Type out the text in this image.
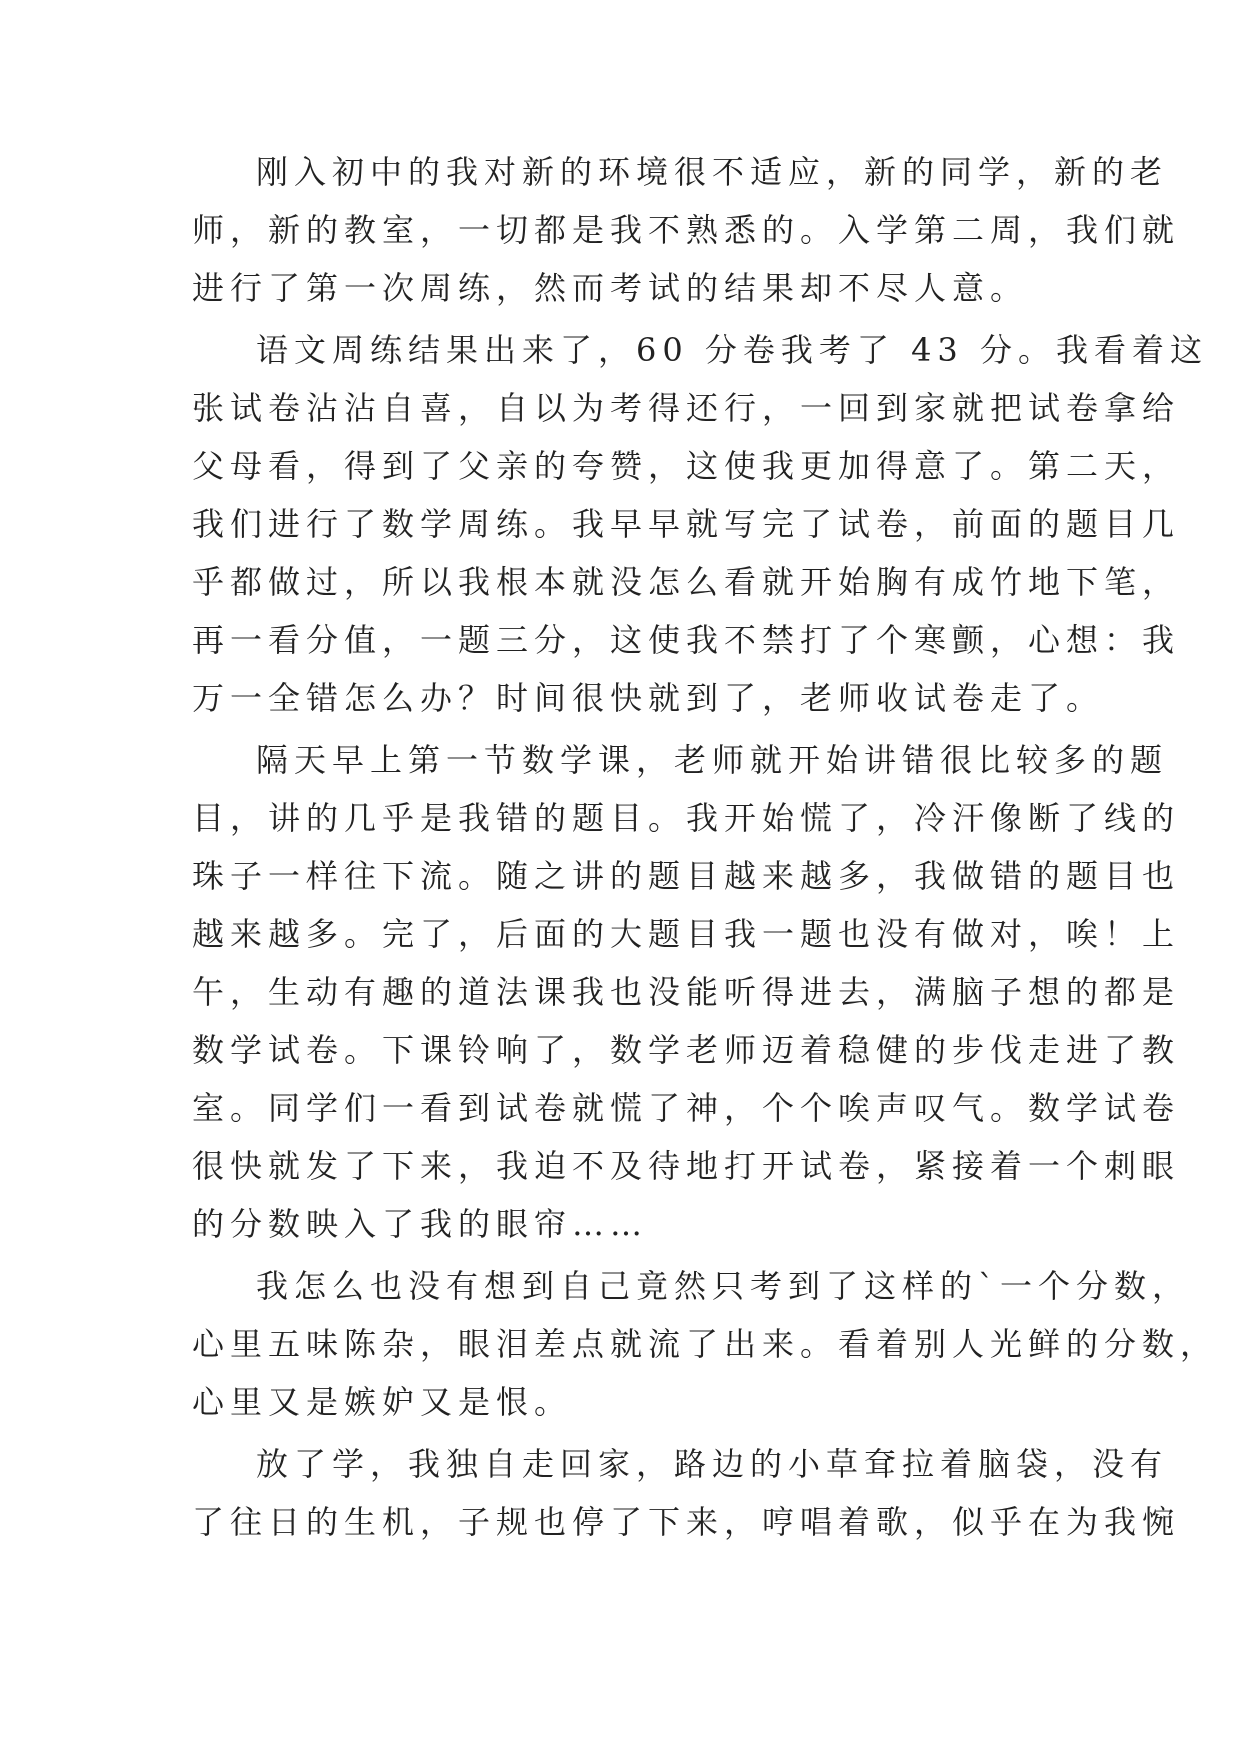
刚入初中的我对新的环境很不适应，新的同学，新的老
师，新的教室，一切都是我不熟悉的。入学第二周，我们就
进行了第一次周练，然而考试的结果却不尽人意。
语文周练结果出来了，60 分卷我考了 43 分。我看着这
张试卷沾沾自喜，自以为考得还行，一回到家就把试卷拿给
父母看，得到了父亲的夸赞，这使我更加得意了。第二天，
我们进行了数学周练。我早早就写完了试卷，前面的题目几
乎都做过，所以我根本就没怎么看就开始胸有成竹地下笔，
再一看分值，一题三分，这使我不禁打了个寒颤，心想：我
万一全错怎么办？时间很快就到了，老师收试卷走了。
隔天早上第一节数学课，老师就开始讲错很比较多的题
目，讲的几乎是我错的题目。我开始慌了，冷汗像断了线的
珠子一样往下流。随之讲的题目越来越多，我做错的题目也
越来越多。完了，后面的大题目我一题也没有做对，唉！上
午，生动有趣的道法课我也没能听得进去，满脑子想的都是
数学试卷。下课铃响了，数学老师迈着稳健的步伐走进了教
室。同学们一看到试卷就慌了神，个个唉声叹气。数学试卷
很快就发了下来，我迫不及待地打开试卷，紧接着一个刺眼
的分数映入了我的眼帘……
我怎么也没有想到自己竟然只考到了这样的`一个分数，
心里五味陈杂，眼泪差点就流了出来。看着别人光鲜的分数，
心里又是嫉妒又是恨。
放了学，我独自走回家，路边的小草耷拉着脑袋，没有
了往日的生机，子规也停了下来，哼唱着歌，似乎在为我惋
